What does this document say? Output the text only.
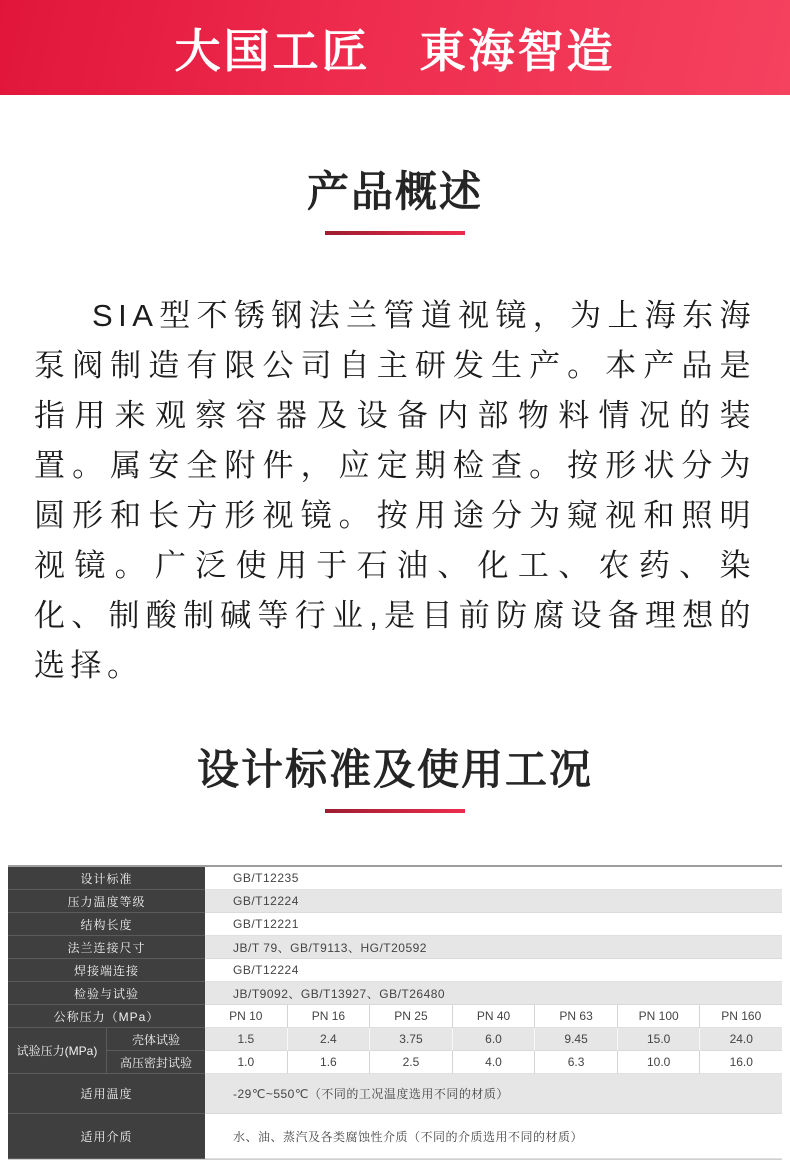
大国工匠　東海智造
产品概述

SIA型不锈钢法兰管道视镜，为上海东海泵阀制造有限公司自主研发生产。本产品是指用来观察容器及设备内部物料情况的装置。属安全附件，应定期检查。按形状分为圆形和长方形视镜。按用途分为窥视和照明视镜。广泛使用于石油、化工、农药、染化、制酸制碱等行业,是目前防腐设备理想的选择。

设计标准及使用工况
设计标准	GB/T12235
压力温度等级	GB/T12224
结构长度	GB/T12221
法兰连接尺寸	JB/T 79、GB/T9113、HG/T20592
焊接端连接	GB/T12224
检验与试验	JB/T9092、GB/T13927、GB/T26480
公称压力（MPa）	PN 10	PN 16	PN 25	PN 40	PN 63	PN 100	PN 160
试验压力(MPa)
壳体试验	1.5	2.4	3.75	6.0	9.45	15.0	24.0
高压密封试验	1.0	1.6	2.5	4.0	6.3	10.0	16.0
适用温度	-29℃~550℃（不同的工况温度选用不同的材质）
适用介质	水、油、蒸汽及各类腐蚀性介质（不同的介质选用不同的材质）
